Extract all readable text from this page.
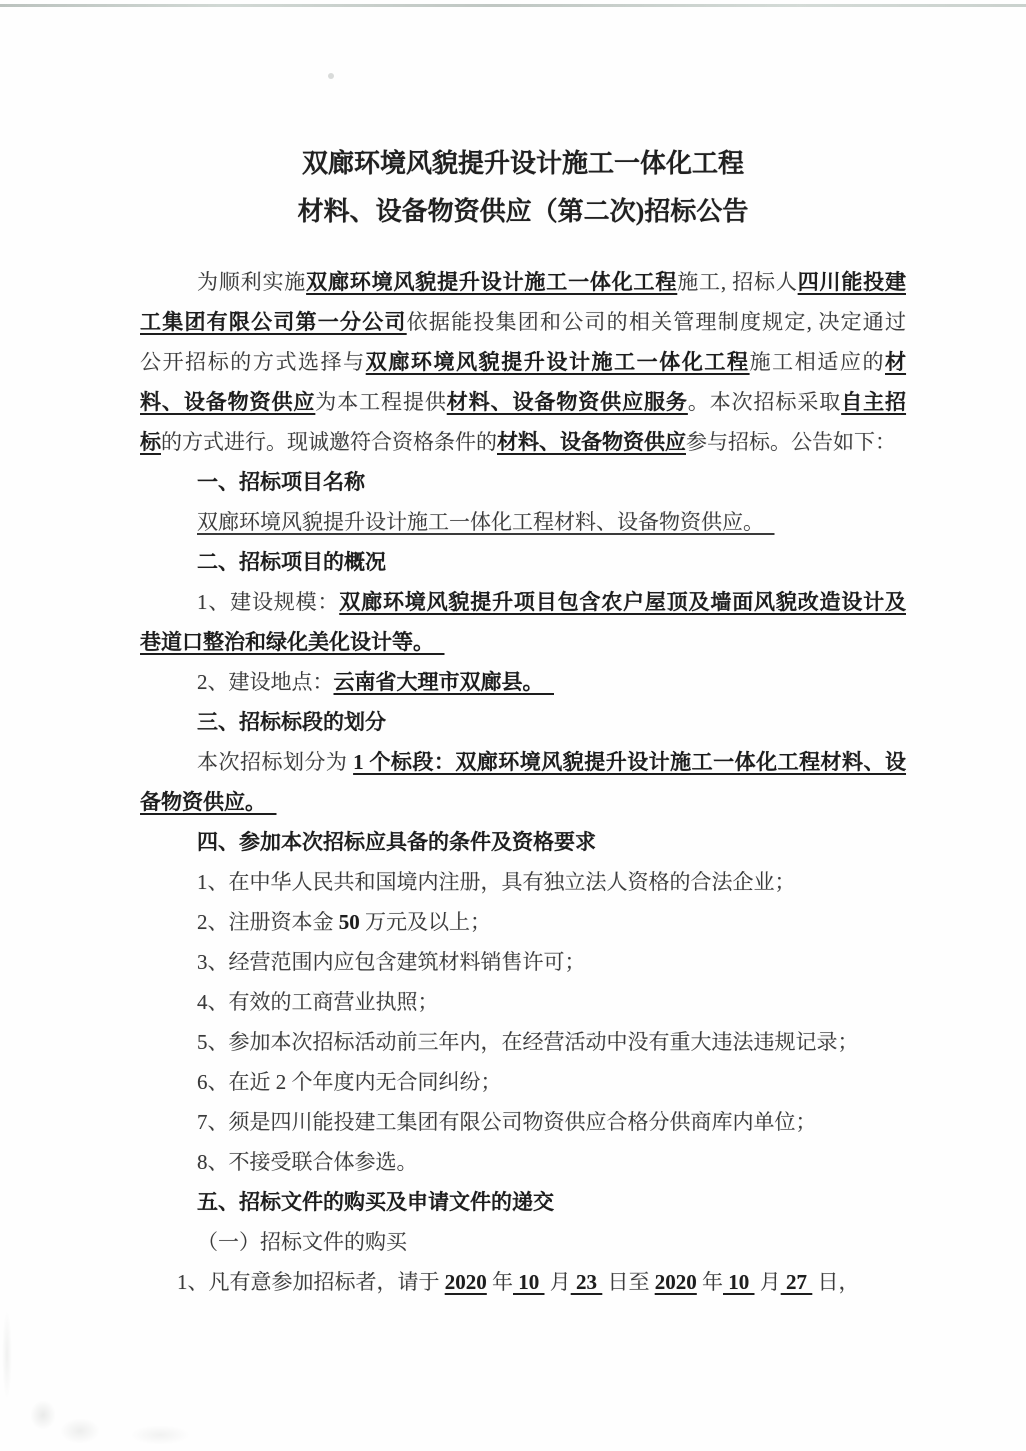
双廊环境风貌提升设计施工一体化工程
材料、设备物资供应（第二次)招标公告
为顺利实施双廊环境风貌提升设计施工一体化工程施工, 招标人四川能投建
工集团有限公司第一分公司依据能投集团和公司的相关管理制度规定, 决定通过
公开招标的方式选择与双廊环境风貌提升设计施工一体化工程施工相适应的材
料、设备物资供应为本工程提供材料、设备物资供应服务。本次招标采取自主招
标的方式进行。现诚邀符合资格条件的材料、设备物资供应参与招标。公告如下：
一、招标项目名称
双廊环境风貌提升设计施工一体化工程材料、设备物资供应。　
二、招标项目的概况
1、建设规模：双廊环境风貌提升项目包含农户屋顶及墙面风貌改造设计及
巷道口整治和绿化美化设计等。　
2、建设地点：云南省大理市双廊县。　
三、招标标段的划分
本次招标划分为 1 个标段：双廊环境风貌提升设计施工一体化工程材料、设
备物资供应。　
四、参加本次招标应具备的条件及资格要求
1、在中华人民共和国境内注册，具有独立法人资格的合法企业；
2、注册资本金 50 万元及以上；
3、经营范围内应包含建筑材料销售许可；
4、有效的工商营业执照；
5、参加本次招标活动前三年内，在经营活动中没有重大违法违规记录；
6、在近 2 个年度内无合同纠纷；
7、须是四川能投建工集团有限公司物资供应合格分供商库内单位；
8、不接受联合体参选。
五、招标文件的购买及申请文件的递交
（一）招标文件的购买
1、凡有意参加招标者，请于 2020 年 10  月 23  日至 2020 年 10  月 27  日，
